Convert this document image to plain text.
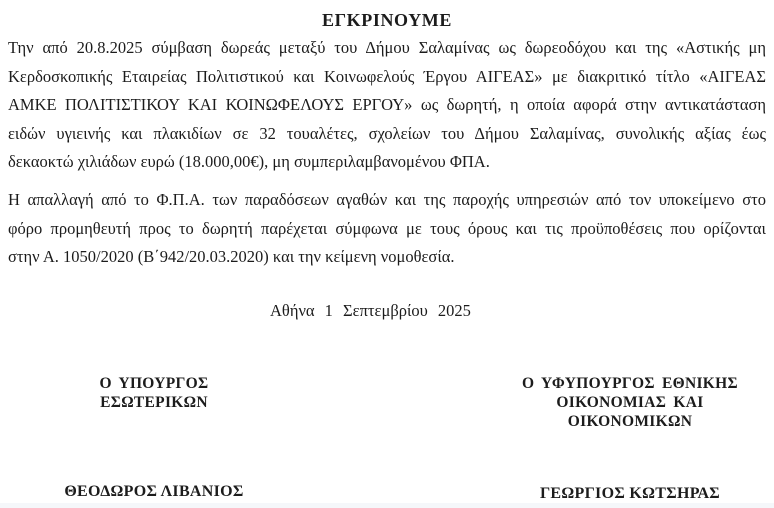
ΕΓΚΡΙΝΟΥΜΕ
Την από 20.8.2025 σύμβαση δωρεάς μεταξύ του Δήμου Σαλαμίνας ως δωρεοδόχου και της «Αστικής μη
Κερδοσκοπικής Εταιρείας Πολιτιστικού και Κοινωφελούς Έργου ΑΙΓΕΑΣ» με διακριτικό τίτλο «ΑΙΓΕΑΣ
ΑΜΚΕ ΠΟΛΙΤΙΣΤΙΚΟΥ ΚΑΙ ΚΟΙΝΩΦΕΛΟΥΣ ΕΡΓΟΥ» ως δωρητή, η οποία αφορά στην αντικατάσταση
ειδών υγιεινής και πλακιδίων σε 32 τουαλέτες, σχολείων του Δήμου Σαλαμίνας, συνολικής αξίας έως
δεκαοκτώ χιλιάδων ευρώ (18.000,00€), μη συμπεριλαμβανομένου ΦΠΑ.
Η απαλλαγή από το Φ.Π.Α. των παραδόσεων αγαθών και της παροχής υπηρεσιών από τον υποκείμενο στο
φόρο προμηθευτή προς το δωρητή παρέχεται σύμφωνα με τους όρους και τις προϋποθέσεις που ορίζονται
στην Α. 1050/2020 (Β΄942/20.03.2020) και την κείμενη νομοθεσία.
Αθήνα 1 Σεπτεμβρίου 2025
Ο ΥΠΟΥΡΓΟΣ
ΕΣΩΤΕΡΙΚΩΝ
Ο ΥΦΥΠΟΥΡΓΟΣ ΕΘΝΙΚΗΣ
ΟΙΚΟΝΟΜΙΑΣ ΚΑΙ ΟΙΚΟΝΟΜΙΚΩΝ
ΘΕΟΔΩΡΟΣ ΛΙΒΑΝΙΟΣ	ΓΕΩΡΓΙΟΣ ΚΩΤΣΗΡΑΣ
